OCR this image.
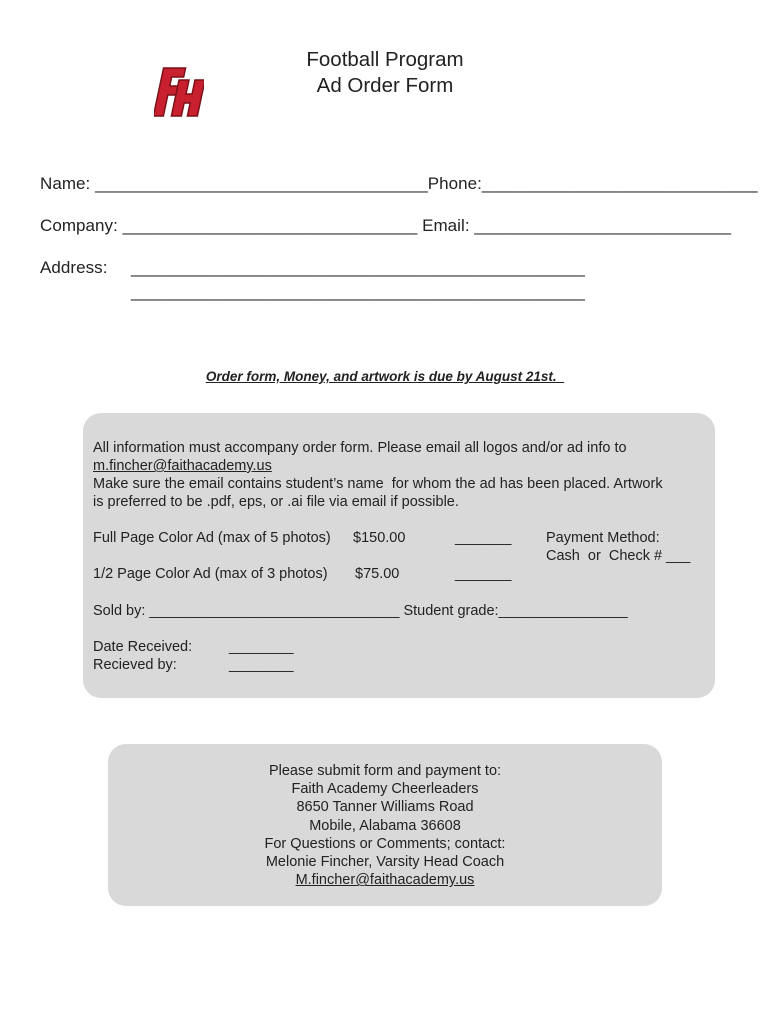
Football Program
Ad Order Form
Name: ___________________________________Phone:_____________________________
Company: _______________________________ Email: ___________________________
Address: ________________________________________________
________________________________________________
Order form, Money, and artwork is due by August 21st.
All information must accompany order form. Please email all logos and/or ad info to
m.fincher@faithacademy.us
Make sure the email contains student’s name  for whom the ad has been placed. Artwork
is preferred to be .pdf, eps, or .ai file via email if possible.
Full Page Color Ad (max of 5 photos) $150.00	_______ Payment Method:
Cash  or  Check # ___
1/2 Page Color Ad (max of 3 photos) $75.00	_______
Sold by: _______________________________ Student grade:________________
Date Received:	________
Recieved by:	________
Please submit form and payment to:
Faith Academy Cheerleaders
8650 Tanner Williams Road
Mobile, Alabama 36608
For Questions or Comments; contact:
Melonie Fincher, Varsity Head Coach
M.fincher@faithacademy.us
